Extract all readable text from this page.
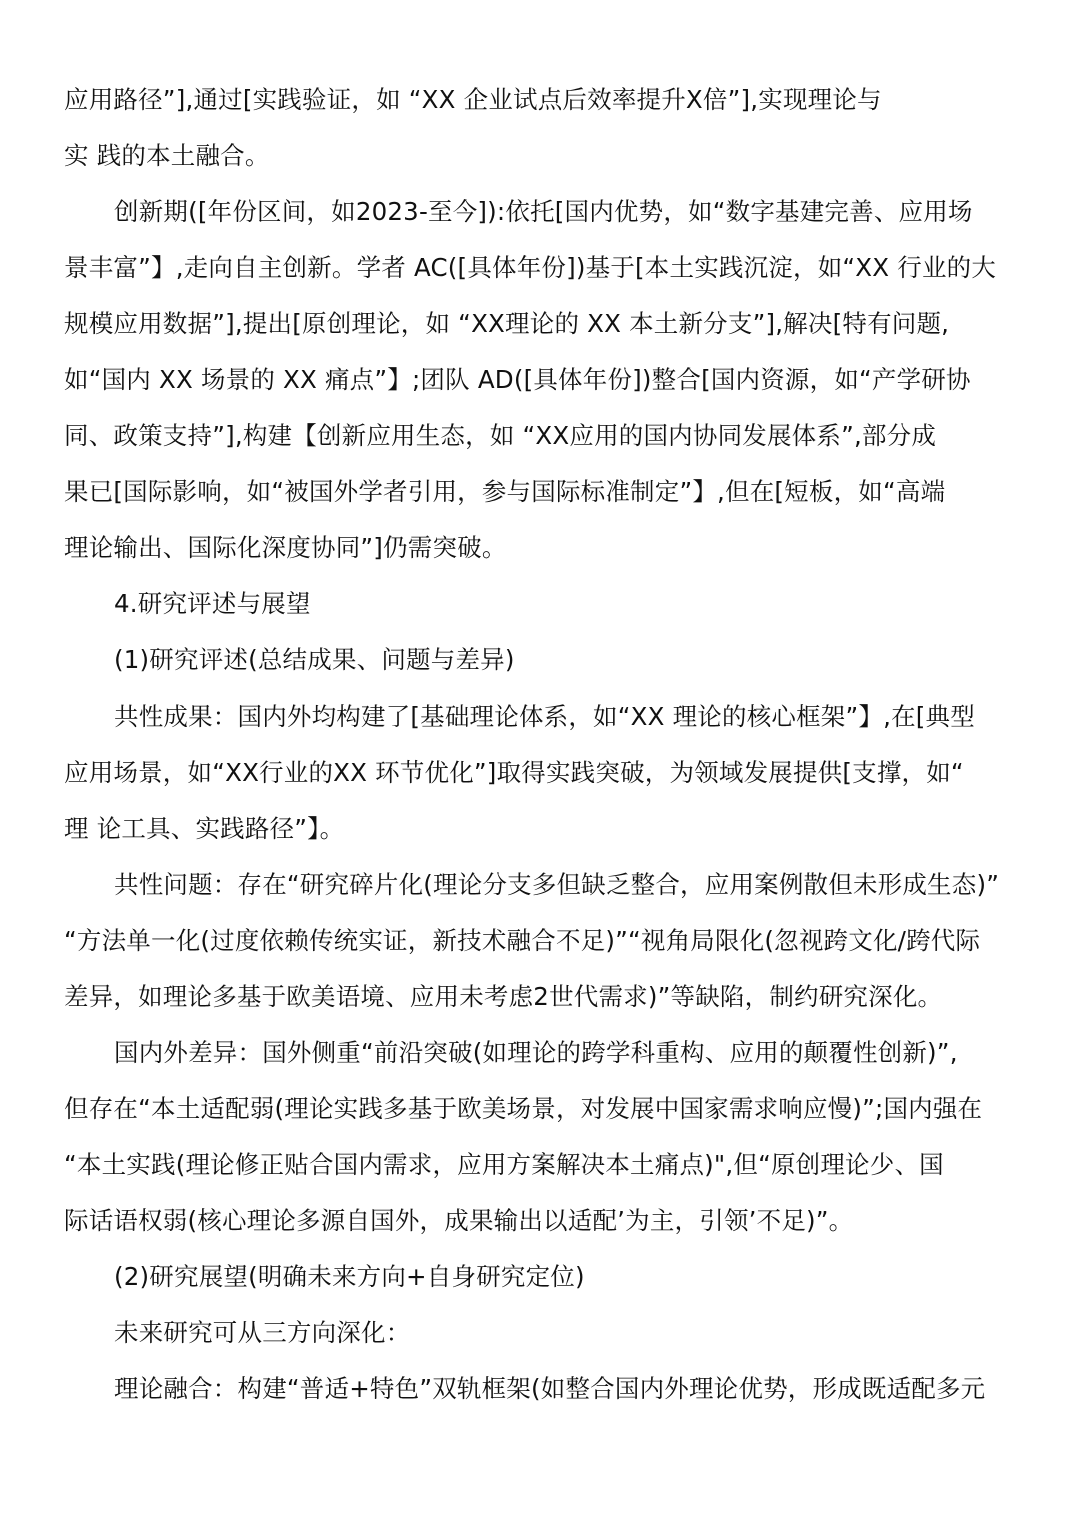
应用路径”],通过[实践验证，如 “XX 企业试点后效率提升X倍”],实现理论与

实 践的本土融合。

创新期([年份区间，如2023-至今]):依托[国内优势，如“数字基建完善、应用场

景丰富”】,走向自主创新。学者 AC([具体年份])基于[本土实践沉淀，如“XX 行业的大

规模应用数据”],提出[原创理论，如 “XX理论的 XX 本土新分支”],解决[特有问题,

如“国内 XX 场景的 XX 痛点”】;团队 AD([具体年份])整合[国内资源，如“产学研协

同、政策支持”],构建【创新应用生态，如 “XX应用的国内协同发展体系”,部分成

果已[国际影响，如“被国外学者引用，参与国际标准制定”】,但在[短板，如“高端

理论输出、国际化深度协同”]仍需突破。

4.研究评述与展望

(1)研究评述(总结成果、问题与差异)

共性成果：国内外均构建了[基础理论体系，如“XX 理论的核心框架”】,在[典型

应用场景，如“XX行业的XX 环节优化”]取得实践突破，为领域发展提供[支撑，如“

理 论工具、实践路径”】。

共性问题：存在“研究碎片化(理论分支多但缺乏整合，应用案例散但未形成生态)”

“方法单一化(过度依赖传统实证，新技术融合不足)”“视角局限化(忽视跨文化/跨代际

差异，如理论多基于欧美语境、应用未考虑2世代需求)”等缺陷，制约研究深化。

国内外差异：国外侧重“前沿突破(如理论的跨学科重构、应用的颠覆性创新)”,

但存在“本土适配弱(理论实践多基于欧美场景，对发展中国家需求响应慢)”;国内强在

“本土实践(理论修正贴合国内需求，应用方案解决本土痛点)",但“原创理论少、国

际话语权弱(核心理论多源自国外，成果输出以适配’为主，引领’不足)”。

(2)研究展望(明确未来方向+自身研究定位)

未来研究可从三方向深化：

理论融合：构建“普适+特色”双轨框架(如整合国内外理论优势，形成既适配多元
